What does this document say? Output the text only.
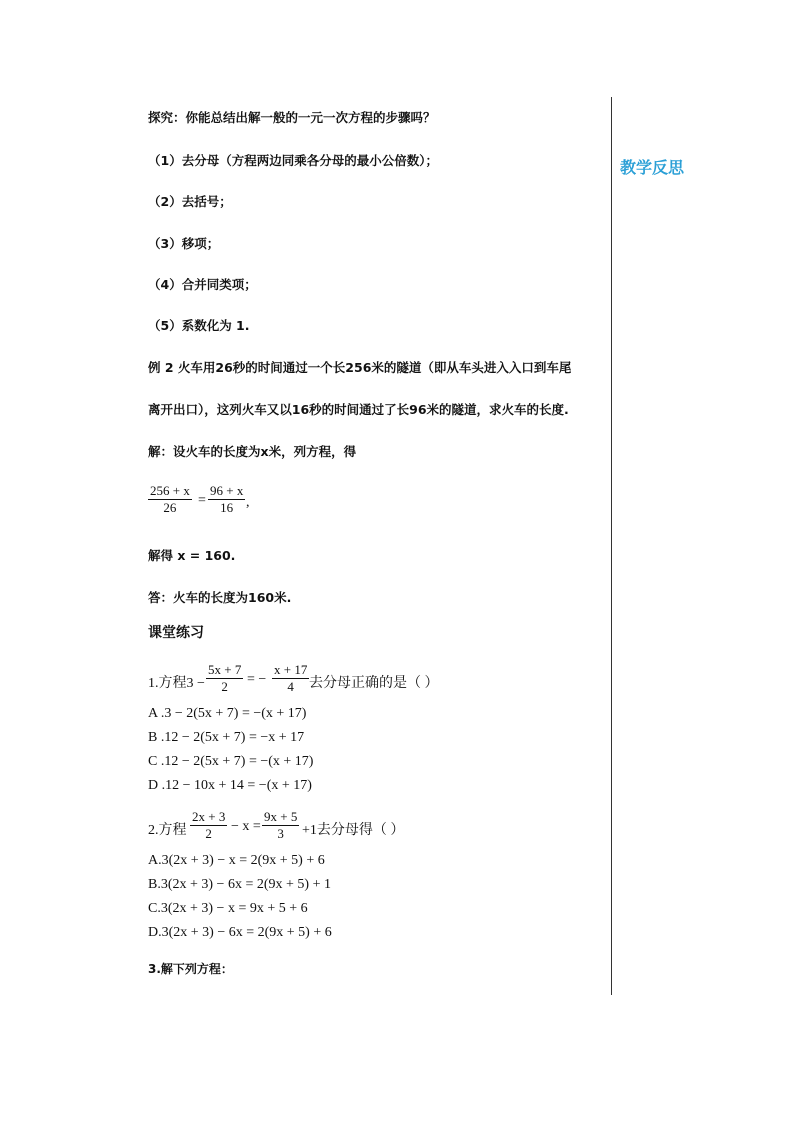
教学反思
探究：你能总结出解一般的一元一次方程的步骤吗？
（1）去分母（方程两边同乘各分母的最小公倍数）；
（2）去括号；
（3）移项；
（4）合并同类项；
（5）系数化为 1.
例 2 火车用26秒的时间通过一个长256米的隧道（即从车头进入入口到车尾
离开出口），这列火车又以16秒的时间通过了长96米的隧道，求火车的长度.
解：设火车的长度为x米，列方程，得
$\frac{256 + x}{26} = \frac{96 + x}{16}$ ,
解得 x = 160.
答：火车的长度为160米.
课堂练习
1.方程$3 - \frac{5x + 7}{2}$ = − $\frac{x + 17}{4}$ 去分母正确的是（ ）
A .3 − 2(5x + 7) = −(x + 17)
B .12 − 2(5x + 7) = −x + 17
C .12 − 2(5x + 7) = −(x + 17)
D .12 − 10x + 14 = −(x + 17)
2.方程 $\frac{2x + 3}{2} - x = \frac{9x + 5}{3} +1$去分母得（ ）
A.3(2x + 3) − x = 2(9x + 5) + 6
B.3(2x + 3) − 6x = 2(9x + 5) + 1
C.3(2x + 3) − x = 9x + 5 + 6
D.3(2x + 3) − 6x = 2(9x + 5) + 6
3.解下列方程：
